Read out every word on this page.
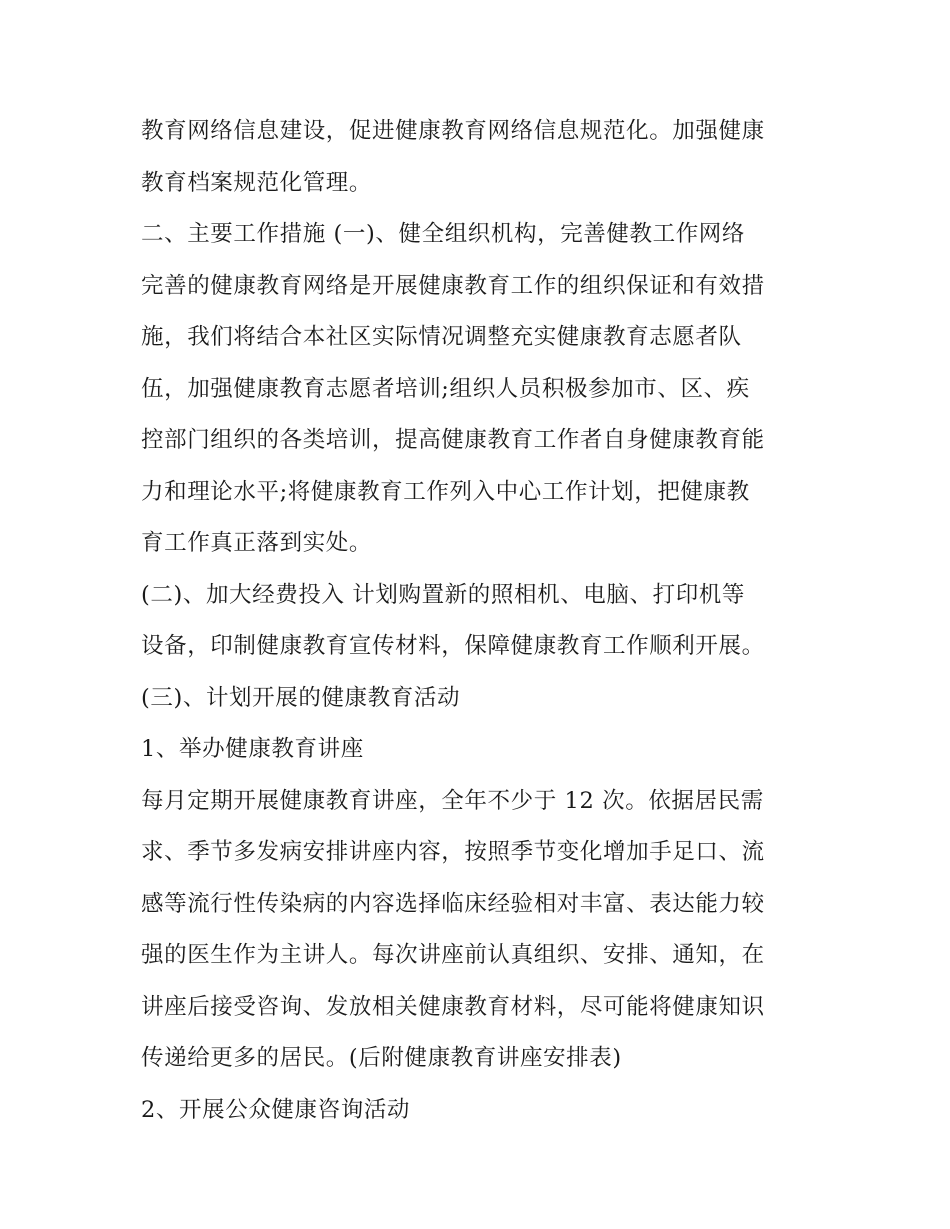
教育网络信息建设，促进健康教育网络信息规范化。加强健康
教育档案规范化管理。
二、主要工作措施 (一)、健全组织机构，完善健教工作网络
完善的健康教育网络是开展健康教育工作的组织保证和有效措
施，我们将结合本社区实际情况调整充实健康教育志愿者队
伍，加强健康教育志愿者培训;组织人员积极参加市、区、疾
控部门组织的各类培训，提高健康教育工作者自身健康教育能
力和理论水平;将健康教育工作列入中心工作计划，把健康教
育工作真正落到实处。
(二)、加大经费投入 计划购置新的照相机、电脑、打印机等
设备，印制健康教育宣传材料，保障健康教育工作顺利开展。
(三)、计划开展的健康教育活动
1、举办健康教育讲座
每月定期开展健康教育讲座，全年不少于 12 次。依据居民需
求、季节多发病安排讲座内容，按照季节变化增加手足口、流
感等流行性传染病的内容选择临床经验相对丰富、表达能力较
强的医生作为主讲人。每次讲座前认真组织、安排、通知，在
讲座后接受咨询、发放相关健康教育材料，尽可能将健康知识
传递给更多的居民。(后附健康教育讲座安排表)
2、开展公众健康咨询活动
